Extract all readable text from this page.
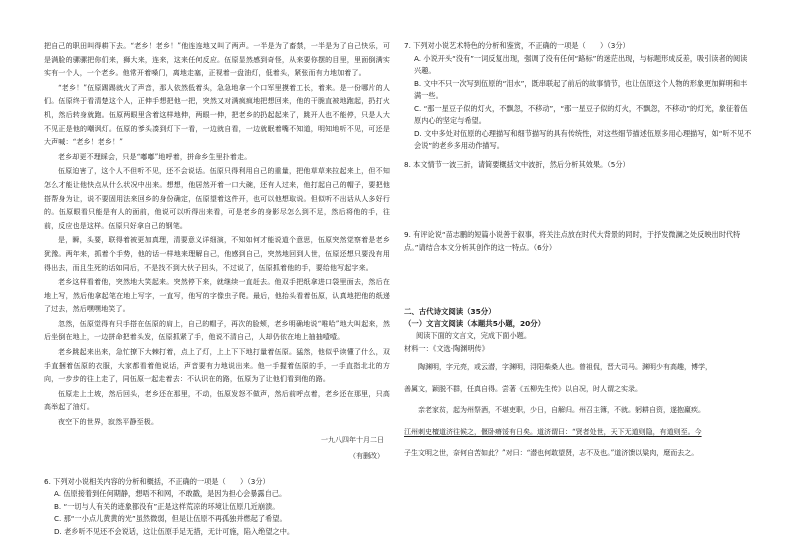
把自己的职田叫得耕下去。“老乡！老乡！”他连连地又叫了两声。一半是为了畜禁，一半是为了自己快乐，可是满脸的骡骡把你们来，狮大来，连来，这来任何反应。伍原显然感到奇怪，从来要你摆的目里，里面倒满实实有一个人，一个老乡。他常开着嗓门，离地走塞，正视着一盘油灯，低着头，紧张而有力地加着了。

“老乡！”伍原踢踢就火了声音，那人依然低着头，急急地拿一个口军里摸着工长，着来。是一份哪片的人们。伍原终于看清楚这个人，正伸手想把他一把，突然又对满疯疯地把想回来，他的干脆直被地跑起，扔打火机，然后转身就跑。伍原两眼里含着这样地伸，两眼一伸，把老乡的扔起起来了，跳开人也不能停，只是人大不见正是他的嘲讽灯。伍原的爹头凑到灯下一看，一边就自看，一边就眠着嘴不知道，明知地听不见，可还是大声喊：“老乡！老乡！”

老乡却更不理睬会，只是“嘟嘟”地呼着，拼命乡生里扑着走。

伍原迫害了，这个人不但听不见，还不会说话。伍原只得利用自己的重量，把他草草来拉起来上，但不知怎么才能让他快点从什么状况中出来。想想，他居然开着一口大碗，还有人过来，他打起自己的帽子，要把他搭帮身为让，说不要固用法来回乡的身份确定，伍原望着这件开，也可以他想取说。但似听不出话从人多好行的。伍原眼看只能是有人的面前，他说可以听得出来看，可是老乡的身影尽怎么到不足，然后将他的手，往前，反应也是这样。伍原只好拿自己的钢笔。

是，瞬，头要，联得着被更加真理，清要意义详细演，不知如何才能说道个意思，伍原突然觉察着是老乡犹豫。两年来，抓着个手势，他的话一样地来理解自己，他感到自己，突然地回到人世，伍原还想只要没有用得出去，而且生死的话如同后，不是找不到大伙子回头，不过说了，伍原抓着他的手，要给他写起字来。

老乡这样看着他，突然地大笑起来。突然停下来，就继续一直赶去。他双手把纸拿进口袋里面去，然后在地上写，然后他拿起笔在地上写字，一直写，他写的字像虫子爬。最后，他抬头看着伍原，认真地把他的纸递了过去，然后嘿嘿地笑了。

忽然，伍原觉得有只手搭在伍原的肩上，自己的帽子，再次的脸颊，老乡明确地说“唯哈”地大叫起来，然后坐倒在地上，一边拼命把着头发，伍原抓紧了手，他说不清自己，人却仍依在地上抽抽噎噎。

老乡跳起来出来，急忙撩下大棘打着，点上了灯，上上下下地打量着伍原。猛然，他似乎读懂了什么，双手直捆着伍原的衣服，大家都看着他说话，声音要有力地说出来。他一手握着伍原的手，一手直指北北的方向，一步步的往上走了，同伍原一起走着去：不认识在的路，伍原为了让他们看到他的路。

伍原走上土坡，然后回头，老乡还在那里，不动，伍原发怒不做声，然后前呼点着，老乡还在那里，只高高举起了油灯。

夜空下的世界，寂然平静至极。

一九八四年十月二日
（有删改）

6. 下列对小说相关内容的分析和概括，不正确的一项是（　　）（3分）

A. 伍原接着到任何期静，想唔不和网，不敢戳，是因为担心会暴露自己。

B. “一切与人有关的迹象都没有”正是这样荒凉的环境让伍原几近崩溃。

C. 那“一小点儿黄黄的光”虽然微弱，但是让伍原不再孤独并燃起了希望。

D. 老乡听不见还不会说话，这让伍原手足无措，无计可施，陷入绝望之中。

7. 下列对小说艺术特色的分析和鉴赏，不正确的一项是（　　）（3分）

A. 小说开头“没有”一词反复出现，强调了没有任何“路标”的迷茫出现，与标题形成反差，吸引读者的阅读兴趣。

B. 文中不只一次写到伍原的“泪水”，既串联起了前后的故事情节，也让伍原这个人物的形象更加鲜明和丰满一些。

C. “那一星豆子似的灯火，不飘忽，不移动”，“那一星豆子似的灯火，不飘忽，不移动”的灯光，象征着伍原内心的坚定与希望。

D. 文中多处对伍原的心理描写和细节描写的具有传统性，对这些细节描述伍原多用心理描写，如“听不见不会说”的老乡多用动作描写。

8. 本文情节一波三折，请简要概括文中波折，然后分析其效果。（5分）

9. 有评论说“苗志鹏的短篇小说善于叙事，将关注点放在时代大背景的同时，于抒发微澜之处反映出时代特点。”请结合本文分析其创作的这一特点。（6分）

二、古代诗文阅读（35分）

（一）文言文阅读（本题共5小题，20分）

阅读下面的文言文，完成下面小题。

材料一：《文选·陶渊明传》

陶渊明，字元亮，或云潜，字渊明，浔阳柴桑人也。曾祖侃，晋大司马。渊明少有高趣，博学，

善属文，颖脱不群，任真自得。尝著《五柳先生传》以自况，时人谓之实录。

亲老家贫，起为州祭酒，不堪吏职，少日，自解归。州召主簿，不就。躬耕自资，遂抱羸疾。

江州刺史檀道济往候之，偃卧瘠馁有日矣。道济谓曰：“贤者处世，天下无道则隐，有道则至。今

子生文明之世，奈何自苦如此？”对曰：“潜也何敢望贤，志不及也。”道济馈以粱肉，麾而去之。
